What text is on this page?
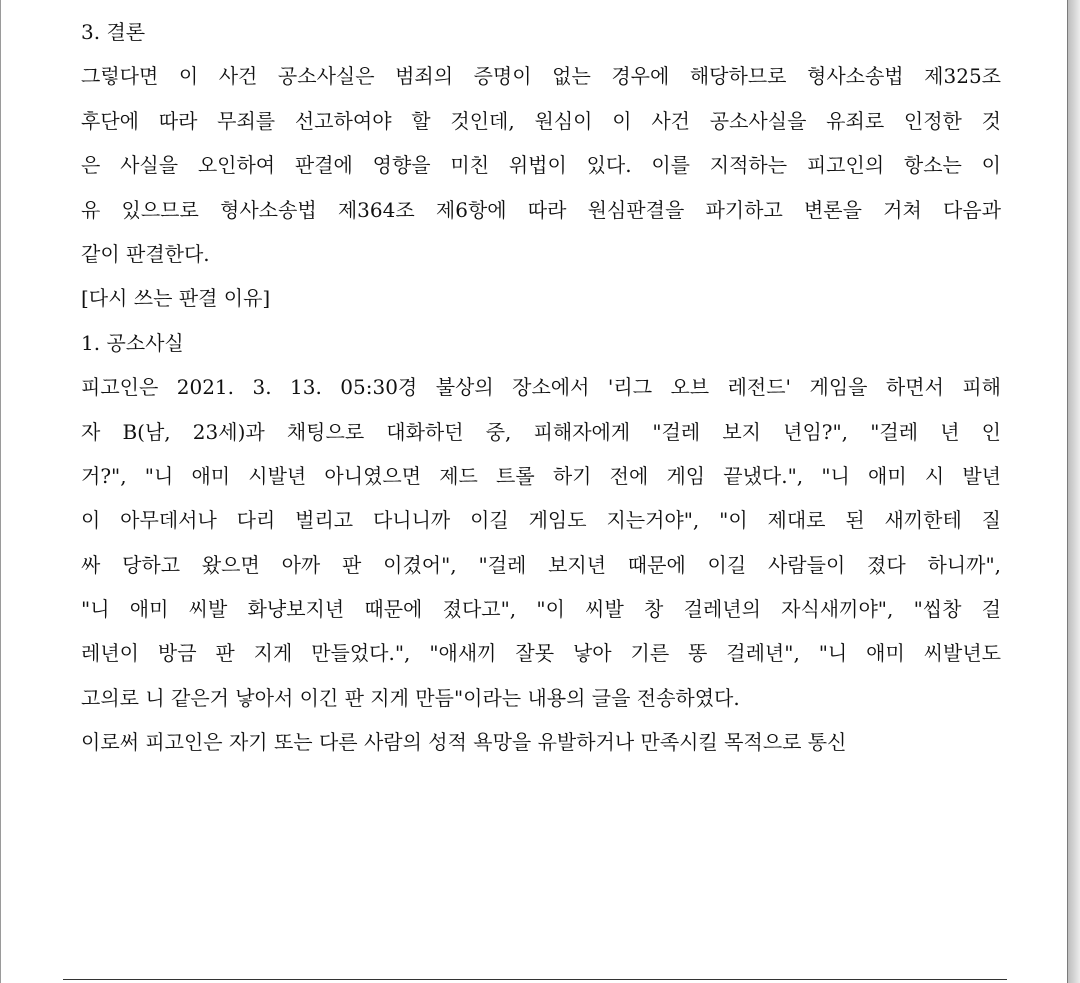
3. 결론
그렇다면 이 사건 공소사실은 범죄의 증명이 없는 경우에 해당하므로 형사소송법 제325조
후단에 따라 무죄를 선고하여야 할 것인데, 원심이 이 사건 공소사실을 유죄로 인정한 것
은 사실을 오인하여 판결에 영향을 미친 위법이 있다. 이를 지적하는 피고인의 항소는 이
유 있으므로 형사소송법 제364조 제6항에 따라 원심판결을 파기하고 변론을 거쳐 다음과
같이 판결한다.
[다시 쓰는 판결 이유]
1. 공소사실
피고인은 2021. 3. 13. 05:30경 불상의 장소에서 '리그 오브 레전드' 게임을 하면서 피해
자 B(남, 23세)과 채팅으로 대화하던 중, 피해자에게 "걸레 보지 년임?", "걸레 년 인
거?", "니 애미 시발년 아니였으면 제드 트롤 하기 전에 게임 끝냈다.", "니 애미 시 발년
이 아무데서나 다리 벌리고 다니니까 이길 게임도 지는거야", "이 제대로 된 새끼한테 질
싸 당하고 왔으면 아까 판 이겼어", "걸레 보지년 때문에 이길 사람들이 졌다 하니까",
"니 애미 씨발 화냥보지년 때문에 졌다고", "이 씨발 창 걸레년의 자식새끼야", "씹창 걸
레년이 방금 판 지게 만들었다.", "애새끼 잘못 낳아 기른 똥 걸레년", "니 애미 씨발년도
고의로 니 같은거 낳아서 이긴 판 지게 만듬"이라는 내용의 글을 전송하였다.
이로써 피고인은 자기 또는 다른 사람의 성적 욕망을 유발하거나 만족시킬 목적으로 통신
